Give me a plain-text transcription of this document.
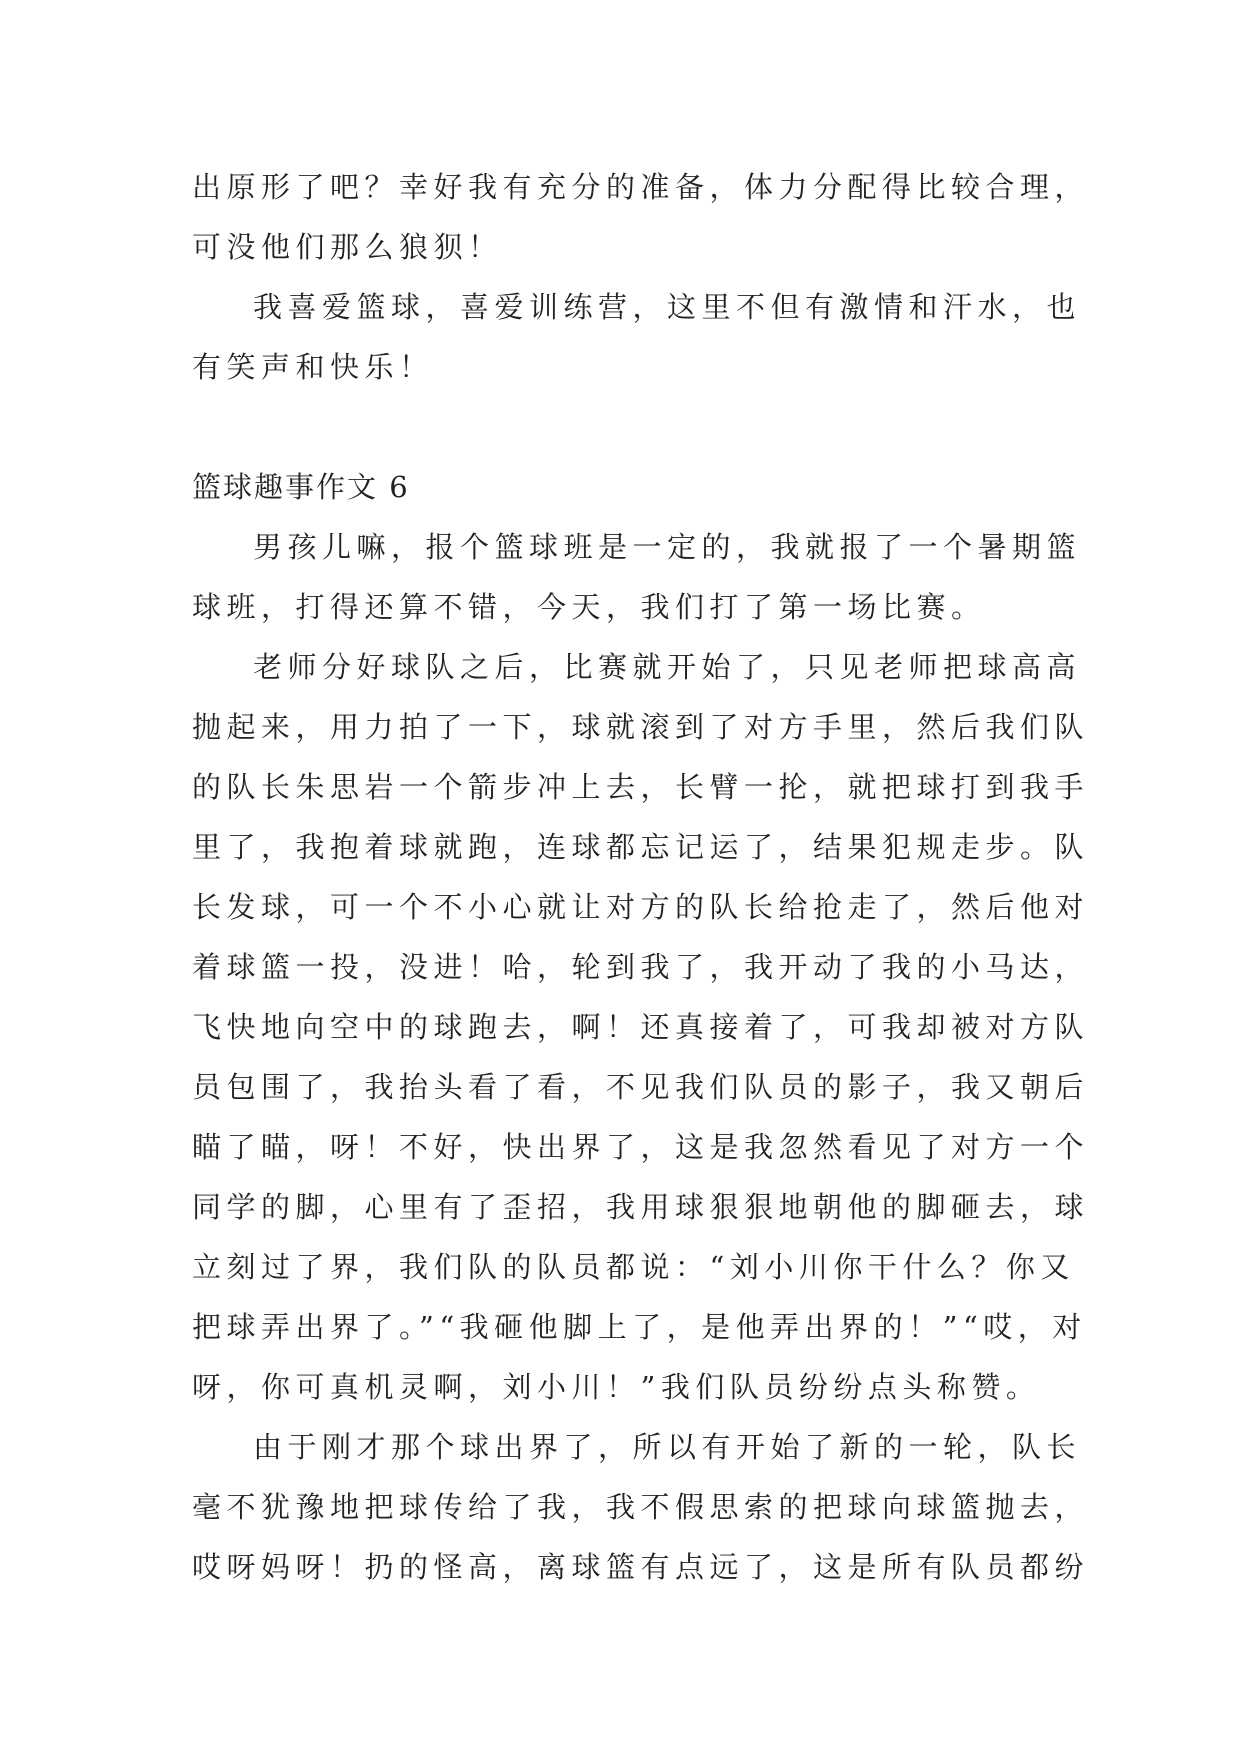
出原形了吧？幸好我有充分的准备，体力分配得比较合理，
可没他们那么狼狈！
我喜爱篮球，喜爱训练营，这里不但有激情和汗水，也
有笑声和快乐！
篮球趣事作文 6
男孩儿嘛，报个篮球班是一定的，我就报了一个暑期篮
球班，打得还算不错，今天，我们打了第一场比赛。
老师分好球队之后，比赛就开始了，只见老师把球高高
抛起来，用力拍了一下，球就滚到了对方手里，然后我们队
的队长朱思岩一个箭步冲上去，长臂一抡，就把球打到我手
里了，我抱着球就跑，连球都忘记运了，结果犯规走步。队
长发球，可一个不小心就让对方的队长给抢走了，然后他对
着球篮一投，没进！哈，轮到我了，我开动了我的小马达，
飞快地向空中的球跑去，啊！还真接着了，可我却被对方队
员包围了，我抬头看了看，不见我们队员的影子，我又朝后
瞄了瞄，呀！不好，快出界了，这是我忽然看见了对方一个
同学的脚，心里有了歪招，我用球狠狠地朝他的脚砸去，球
立刻过了界，我们队的队员都说：“刘小川你干什么？你又
把球弄出界了。”“我砸他脚上了，是他弄出界的！”“哎，对
呀，你可真机灵啊，刘小川！”我们队员纷纷点头称赞。
由于刚才那个球出界了，所以有开始了新的一轮，队长
毫不犹豫地把球传给了我，我不假思索的把球向球篮抛去，
哎呀妈呀！扔的怪高，离球篮有点远了，这是所有队员都纷
